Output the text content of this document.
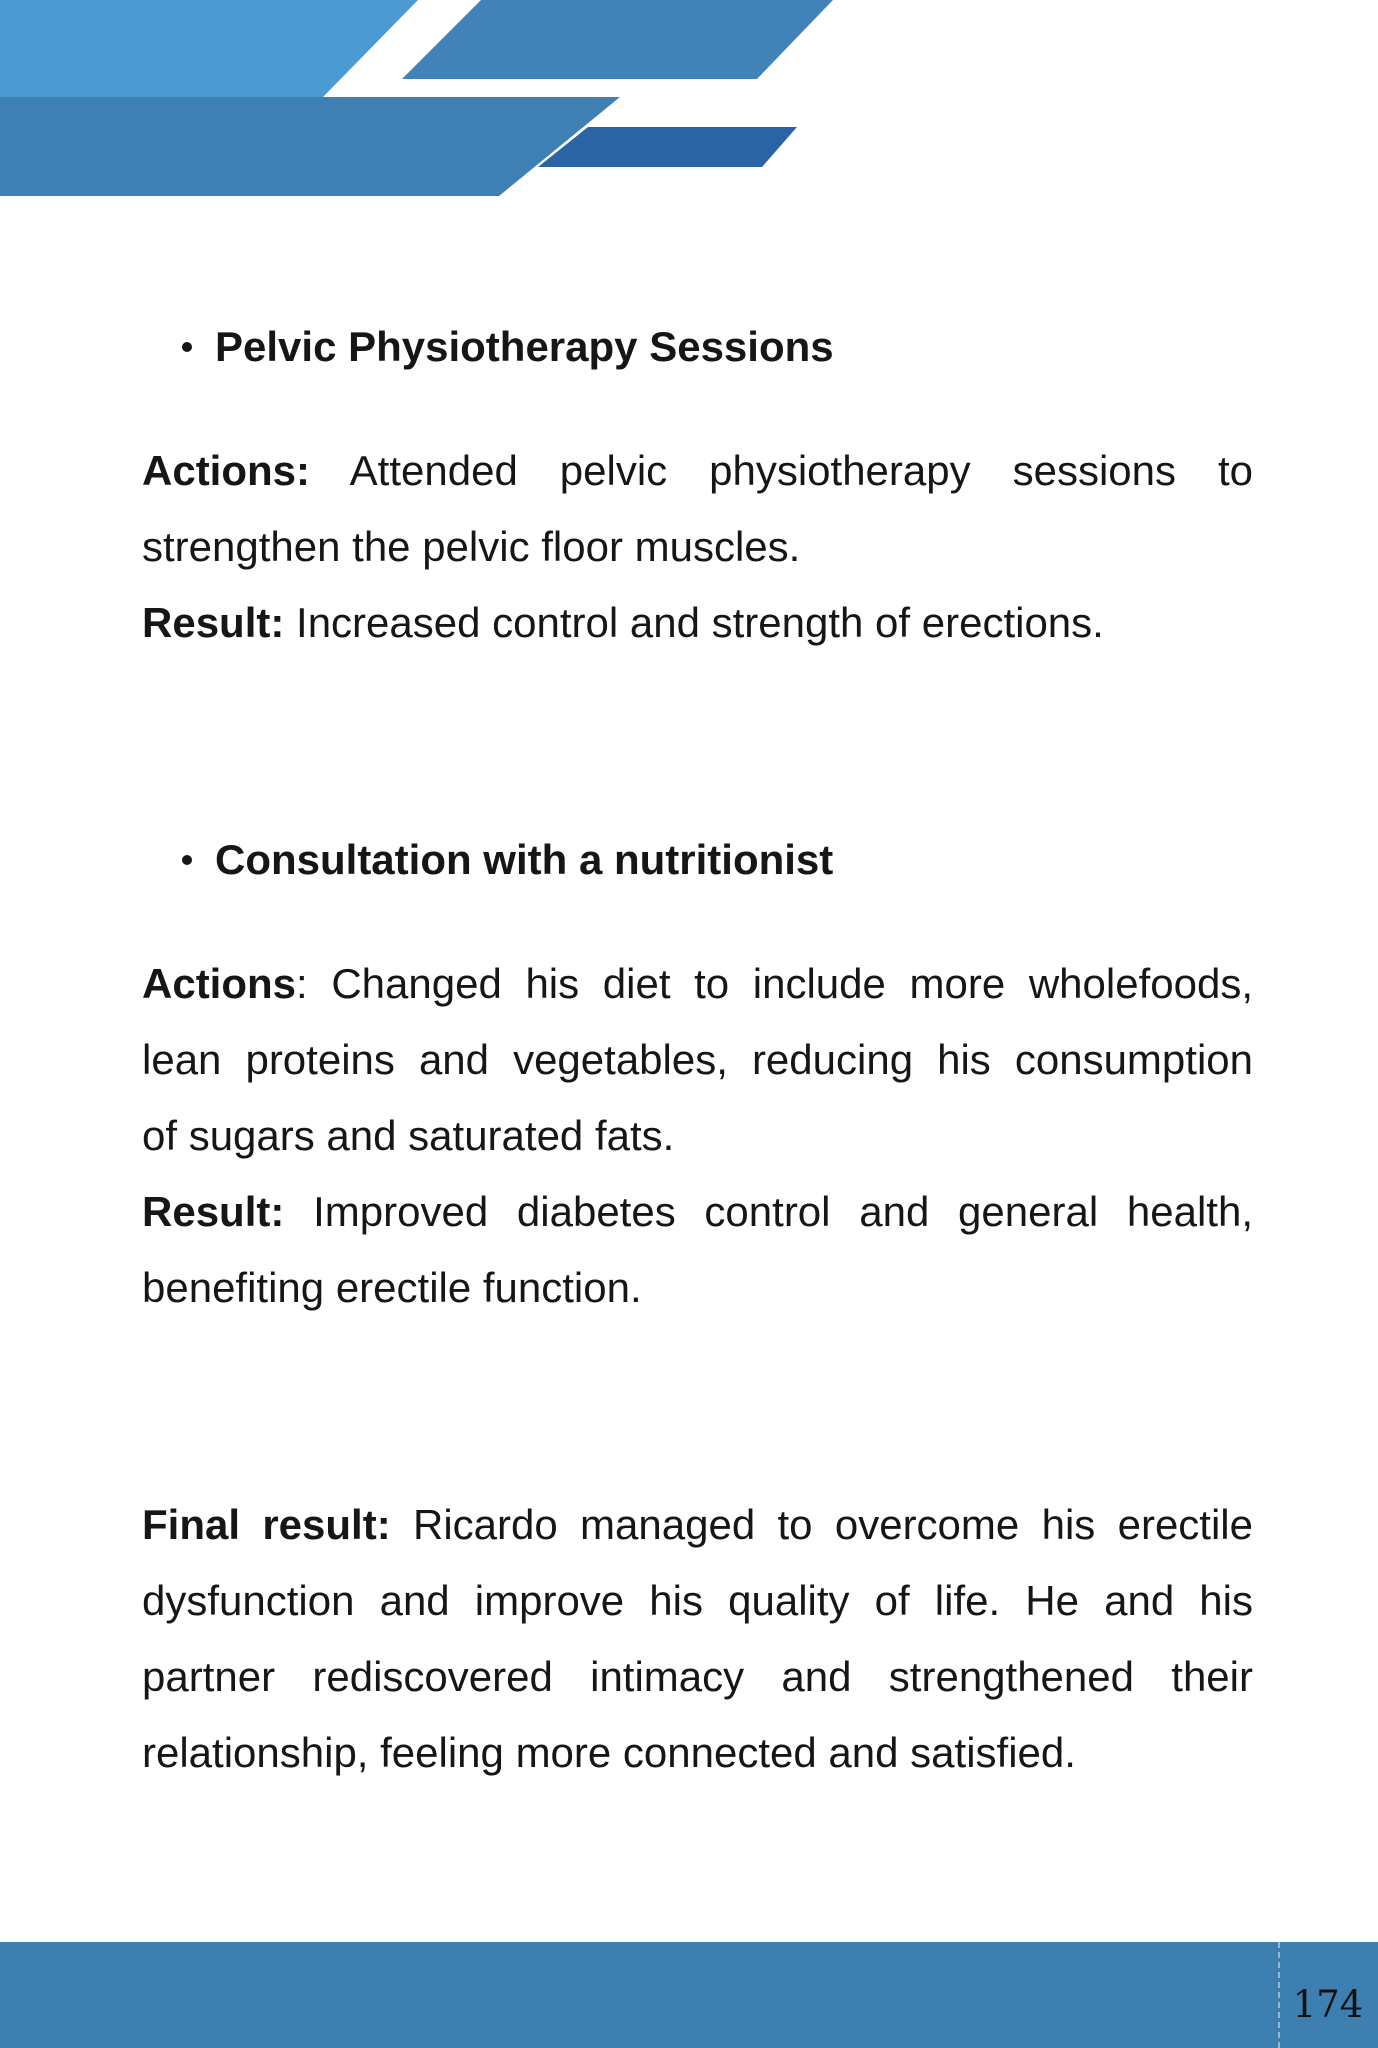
Pelvic Physiotherapy Sessions
Actions: Attended pelvic physiotherapy sessions to
strengthen the pelvic floor muscles.
Result: Increased control and strength of erections.
Consultation with a nutritionist
Actions: Changed his diet to include more wholefoods,
lean proteins and vegetables, reducing his consumption
of sugars and saturated fats.
Result: Improved diabetes control and general health,
benefiting erectile function.
Final result: Ricardo managed to overcome his erectile
dysfunction and improve his quality of life. He and his
partner rediscovered intimacy and strengthened their
relationship, feeling more connected and satisfied.
174
